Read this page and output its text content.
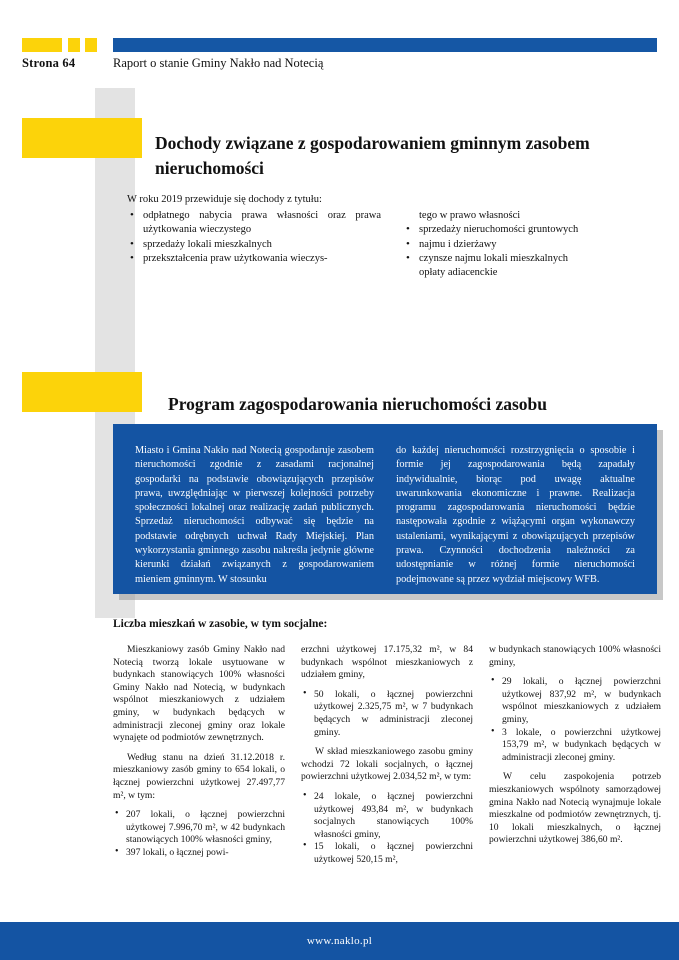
Strona 64	Raport o stanie Gminy Nakło nad Notecią
Dochody związane z gospodarowaniem gminnym zasobem nieruchomości
W roku 2019 przewiduje się dochody z tytułu:
• odpłatnego nabycia prawa własności oraz prawa użytkowania wieczystego
• sprzedaży lokali mieszkalnych
• przekształcenia praw użytkowania wieczys-
tego w prawo własności
• sprzedaży nieruchomości gruntowych
• najmu i dzierżawy
• czynsze najmu lokali mieszkalnych
opłaty adiacenckie
Program zagospodarowania nieruchomości zasobu
Miasto i Gmina Nakło nad Notecią gospodaruje zasobem nieruchomości zgodnie z zasadami racjonalnej gospodarki na podstawie obowiązujących przepisów prawa, uwzględniając w pierwszej kolejności potrzeby społeczności lokalnej oraz realizację zadań publicznych. Sprzedaż nieruchomości odbywać się będzie na podstawie odrębnych uchwał Rady Miejskiej. Plan wykorzystania gminnego zasobu nakreśla jedynie główne kierunki działań związanych z gospodarowaniem mieniem gminnym. W stosunku
do każdej nieruchomości rozstrzygnięcia o sposobie i formie jej zagospodarowania będą zapadały indywidualnie, biorąc pod uwagę aktualne uwarunkowania ekonomiczne i prawne. Realizacja programu zagospodarowania nieruchomości będzie następowała zgodnie z wiążącymi organ wykonawczy ustaleniami, wynikającymi z obowiązujących przepisów prawa. Czynności dochodzenia należności za udostępnianie w różnej formie nieruchomości podejmowane są przez wydział miejscowy WFB.
Liczba mieszkań w zasobie, w tym socjalne:

Mieszkaniowy zasób Gminy Nakło nad Notecią tworzą lokale usytuowane w budynkach stanowiących 100% własności Gminy Nakło nad Notecią, w budynkach wspólnot mieszkaniowych z udziałem gminy, w budynkach będących w administracji zleconej gminy oraz lokale wynajęte od podmiotów zewnętrznych.

Według stanu na dzień 31.12.2018 r. mieszkaniowy zasób gminy to 654 lokali, o łącznej powierzchni użytkowej 27.497,77 m², w tym:

• 207 lokali, o łącznej powierzchni użytkowej 7.996,70 m², w 42 budynkach stanowiących 100% własności gminy,
• 397 lokali, o łącznej powi-

erzchni użytkowej 17.175,32 m², w 84 budynkach wspólnot mieszkaniowych z udziałem gminy,

• 50 lokali, o łącznej powierzchni użytkowej 2.325,75 m², w 7 budynkach będących w administracji zleconej gminy.

W skład mieszkaniowego zasobu gminy wchodzi 72 lokali socjalnych, o łącznej powierzchni użytkowej 2.034,52 m², w tym:

• 24 lokale, o łącznej powierzchni użytkowej 493,84 m², w budynkach socjalnych stanowiących 100% własności gminy,
• 15 lokali, o łącznej powierzchni użytkowej 520,15 m²,

w budynkach stanowiących 100% własności gminy,

• 29 lokali, o łącznej powierzchni użytkowej 837,92 m², w budynkach wspólnot mieszkaniowych z udziałem gminy,
• 3 lokale, o powierzchni użytkowej 153,79 m², w budynkach będących w administracji zleconej gminy.

W celu zaspokojenia potrzeb mieszkaniowych wspólnoty samorządowej gmina Nakło nad Notecią wynajmuje lokale mieszkalne od podmiotów zewnętrznych, tj. 10 lokali mieszkalnych, o łącznej powierzchni użytkowej 386,60 m².

www.naklo.pl
